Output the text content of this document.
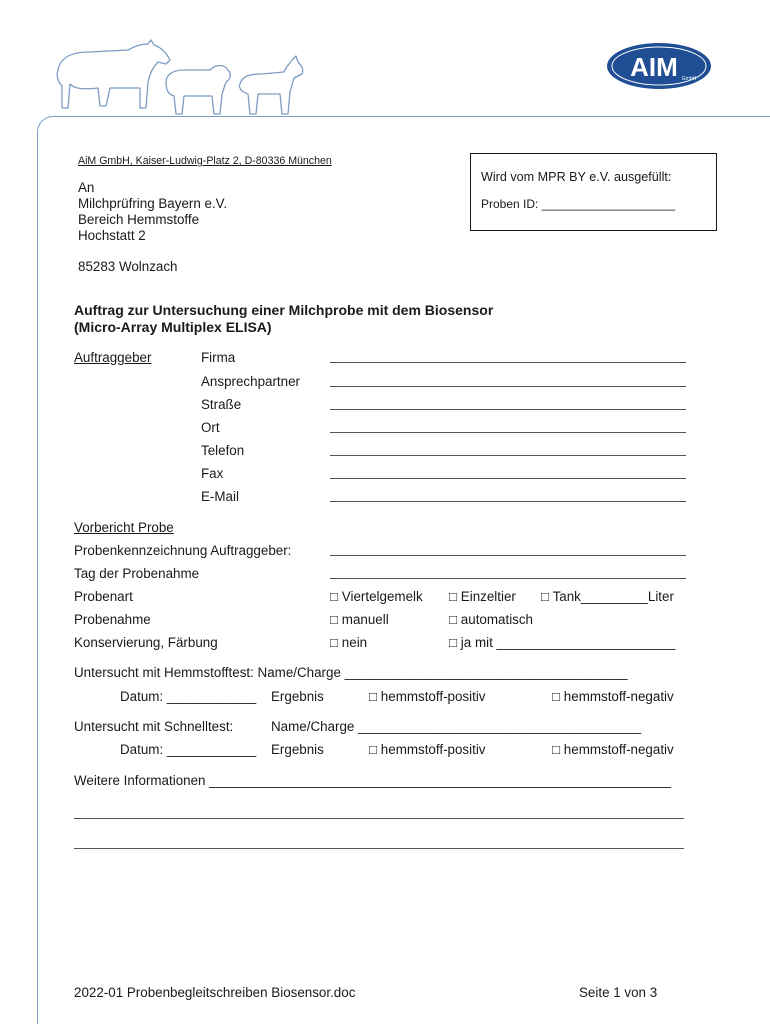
AIM GmbH
AiM GmbH, Kaiser-Ludwig-Platz 2, D-80336 München
An
Milchprüfring Bayern e.V.
Bereich Hemmstoffe
Hochstatt 2
85283 Wolnzach
Wird vom MPR BY e.V. ausgefüllt:
Proben ID: ____________________
Auftrag zur Untersuchung einer Milchprobe mit dem Biosensor
(Micro-Array Multiplex ELISA)
Auftraggeber	Firma
Ansprechpartner
Straße
Ort
Telefon
Fax
E-Mail
Vorbericht Probe
Probenkennzeichnung Auftraggeber:
Tag der Probenahme
Probenart	□ Viertelgemelk □ Einzeltier □ Tank_________Liter
Probenahme	□ manuell	□ automatisch
Konservierung, Färbung	□ nein	□ ja mit ________________________
Untersucht mit Hemmstofftest: Name/Charge ______________________________________
Datum: ____________ Ergebnis	□ hemmstoff-positiv	□ hemmstoff-negativ
Untersucht mit Schnelltest:	Name/Charge ______________________________________
Datum: ____________ Ergebnis	□ hemmstoff-positiv	□ hemmstoff-negativ
Weitere Informationen ______________________________________________________________
2022-01 Probenbegleitschreiben Biosensor.doc	Seite 1 von 3
